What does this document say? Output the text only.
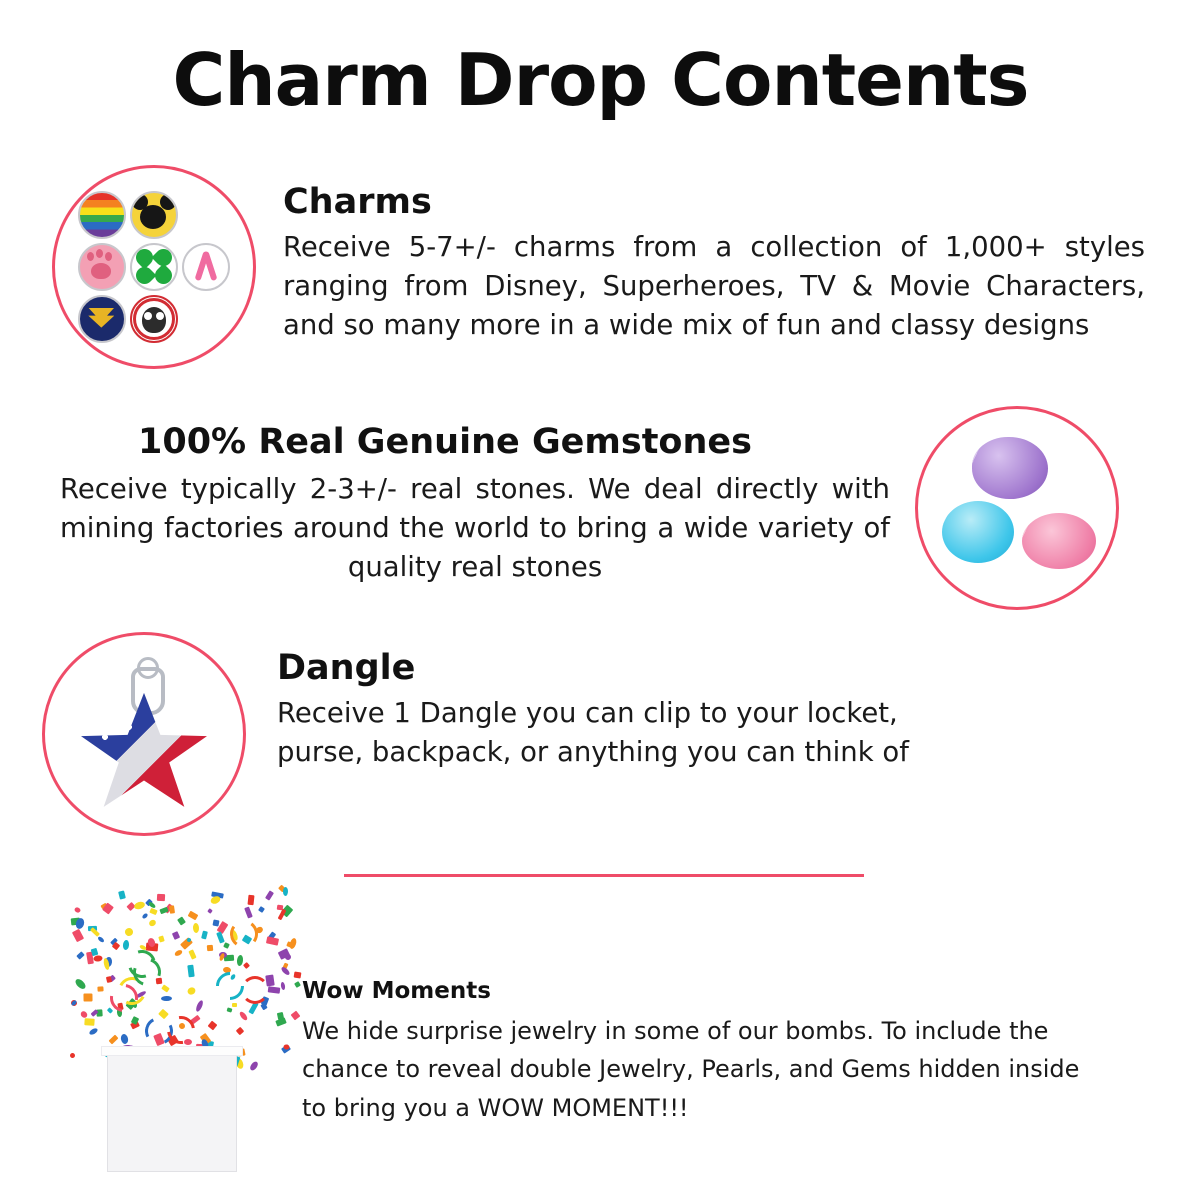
Charm Drop Contents
Charms
Receive 5-7+/- charms from a collection of 1,000+ styles ranging from Disney, Superheroes, TV & Movie Characters, and so many more in a wide mix of fun and classy designs
100% Real Genuine Gemstones
Receive typically 2-3+/- real stones. We deal directly with mining factories around the world to bring a wide variety of quality real stones
Dangle
Receive 1 Dangle you can clip to your locket, purse, backpack, or anything you can think of
Wow Moments
We hide surprise jewelry in some of our bombs. To include the chance to reveal double Jewelry, Pearls, and Gems hidden inside to bring you a WOW MOMENT!!!
